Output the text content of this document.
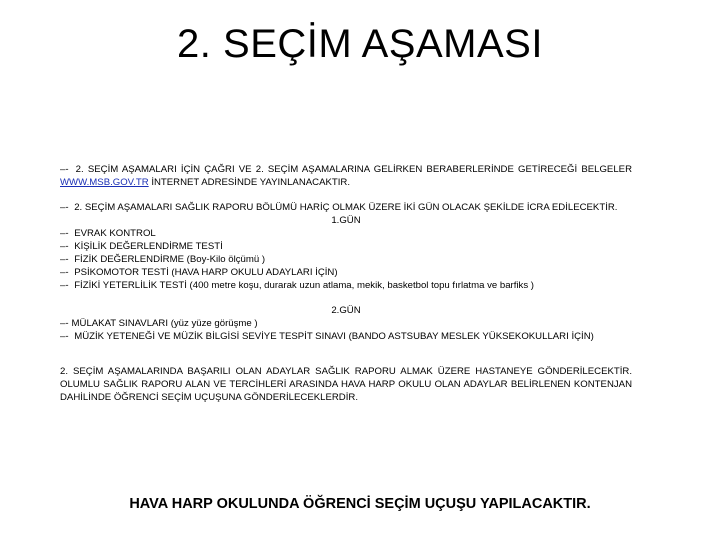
2. SEÇİM AŞAMASI

–- 2. SEÇİM AŞAMALARI İÇİN ÇAĞRI VE 2. SEÇİM AŞAMALARINA GELİRKEN BERABERLERİNDE GETİRECEĞİ BELGELER WWW.MSB.GOV.TR İNTERNET ADRESİNDE YAYINLANACAKTIR.

–- 2. SEÇİM AŞAMALARI SAĞLIK RAPORU BÖLÜMÜ HARİÇ OLMAK ÜZERE İKİ GÜN OLACAK ŞEKİLDE İCRA EDİLECEKTİR.

1.GÜN

–- EVRAK KONTROL

–- KİŞİLİK DEĞERLENDİRME TESTİ

–- FİZİK DEĞERLENDİRME (Boy-Kilo ölçümü )

–- PSİKOMOTOR TESTİ (HAVA HARP OKULU ADAYLARI İÇİN)

–- FİZİKİ YETERLİLİK TESTİ (400 metre koşu, durarak uzun atlama, mekik, basketbol topu fırlatma ve barfiks )

2.GÜN

–- MÜLAKAT SINAVLARI (yüz yüze görüşme )

–- MÜZİK YETENEĞİ VE MÜZİK BİLGİSİ SEVİYE TESPİT SINAVI (BANDO ASTSUBAY MESLEK YÜKSEKOKULLARI İÇİN)

2. SEÇİM AŞAMALARINDA BAŞARILI OLAN ADAYLAR SAĞLIK RAPORU ALMAK ÜZERE HASTANEYE GÖNDERİLECEKTİR. OLUMLU SAĞLIK RAPORU ALAN VE TERCİHLERİ ARASINDA HAVA HARP OKULU OLAN ADAYLAR BELİRLENEN KONTENJAN DAHİLİNDE ÖĞRENCİ SEÇİM UÇUŞUNA GÖNDERİLECEKLERDİR.

HAVA HARP OKULUNDA ÖĞRENCİ SEÇİM UÇUŞU YAPILACAKTIR.
